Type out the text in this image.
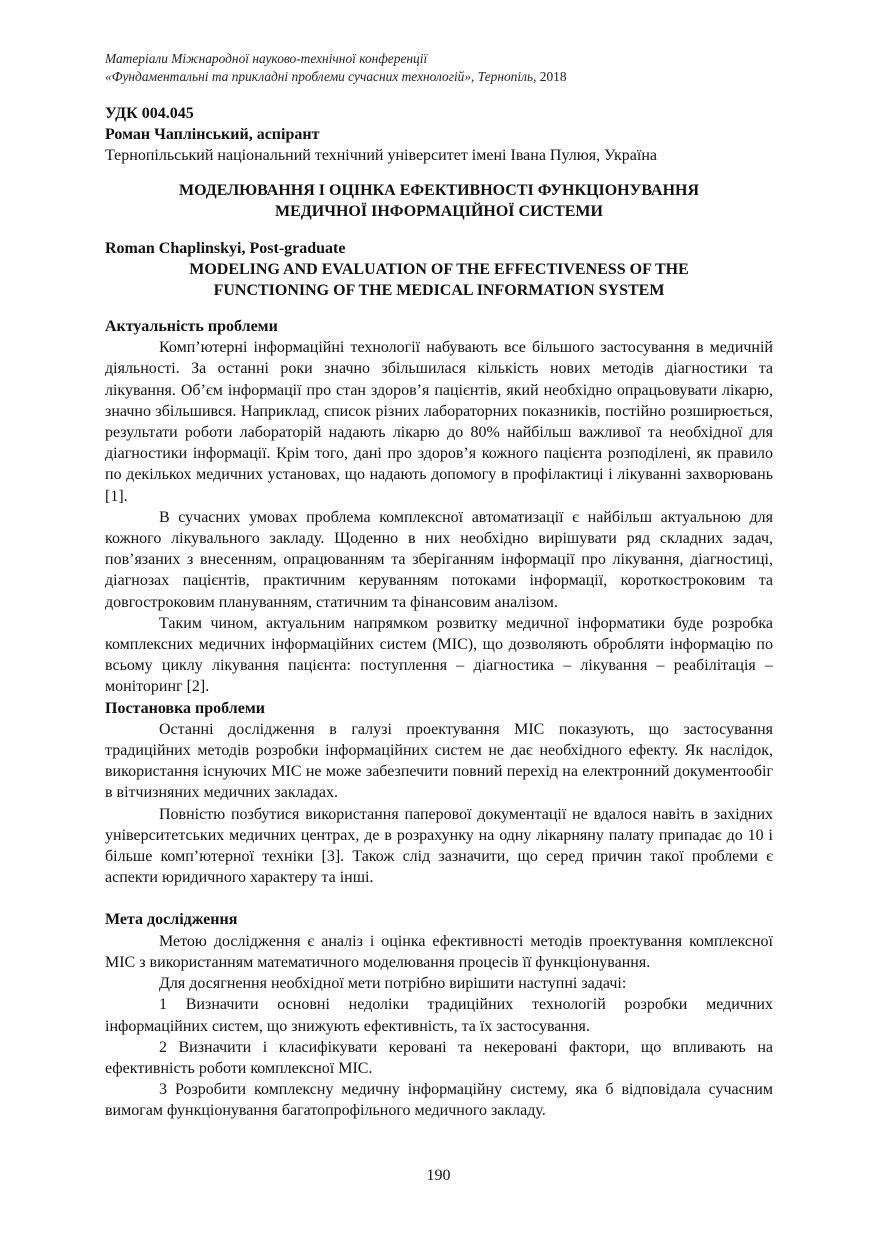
Матеріали Міжнародної науково-технічної конференції
«Фундаментальні та прикладні проблеми сучасних технологій», Тернопіль, 2018
УДК 004.045
Роман Чаплінський, аспірант
Тернопільський національний технічний університет імені Івана Пулюя, Україна
МОДЕЛЮВАННЯ І ОЦІНКА ЕФЕКТИВНОСТІ ФУНКЦІОНУВАННЯ
МЕДИЧНОЇ ІНФОРМАЦІЙНОЇ СИСТЕМИ
Roman Chaplinskyi, Post-graduate
MODELING AND EVALUATION OF THE EFFECTIVENESS OF THE
FUNCTIONING OF THE MEDICAL INFORMATION SYSTEM
Актуальність проблеми

Комп’ютерні інформаційні технології набувають все більшого застосування в медичній діяльності. За останні роки значно збільшилася кількість нових методів діагностики та лікування. Об’єм інформації про стан здоров’я пацієнтів, який необхідно опрацьовувати лікарю, значно збільшився. Наприклад, список різних лабораторних показників, постійно розширюється, результати роботи лабораторій надають лікарю до 80% найбільш важливої та необхідної для діагностики інформації. Крім того, дані про здоров’я кожного пацієнта розподілені, як правило по декількох медичних установах, що надають допомогу в профілактиці і лікуванні захворювань [1].

В сучасних умовах проблема комплексної автоматизації є найбільш актуальною для кожного лікувального закладу. Щоденно в них необхідно вирішувати ряд складних задач, пов’язаних з внесенням, опрацюванням та зберіганням інформації про лікування, діагностиці, діагнозах пацієнтів, практичним керуванням потоками інформації, короткостроковим та довгостроковим плануванням, статичним та фінансовим аналізом.

Таким чином, актуальним напрямком розвитку медичної інформатики буде розробка комплексних медичних інформаційних систем (МІС), що дозволяють обробляти інформацію по всьому циклу лікування пацієнта: поступлення – діагностика – лікування – реабілітація – моніторинг [2].

Постановка проблеми

Останні дослідження в галузі проектування МІС показують, що застосування традиційних методів розробки інформаційних систем не дає необхідного ефекту. Як наслідок, використання існуючих МІС не може забезпечити повний перехід на електронний документообіг в вітчизняних медичних закладах.

Повністю позбутися використання паперової документації не вдалося навіть в західних університетських медичних центрах, де в розрахунку на одну лікарняну палату припадає до 10 і більше комп’ютерної техніки [3]. Також слід зазначити, що серед причин такої проблеми є аспекти юридичного характеру та інші.

Мета дослідження

Метою дослідження є аналіз і оцінка ефективності методів проектування комплексної МІС з використанням математичного моделювання процесів її функціонування.

Для досягнення необхідної мети потрібно вирішити наступні задачі:

1 Визначити основні недоліки традиційних технологій розробки медичних інформаційних систем, що знижують ефективність, та їх застосування.

2 Визначити і класифікувати керовані та некеровані фактори, що впливають на ефективність роботи комплексної МІС.

3 Розробити комплексну медичну інформаційну систему, яка б відповідала сучасним вимогам функціонування багатопрофільного медичного закладу.

190
